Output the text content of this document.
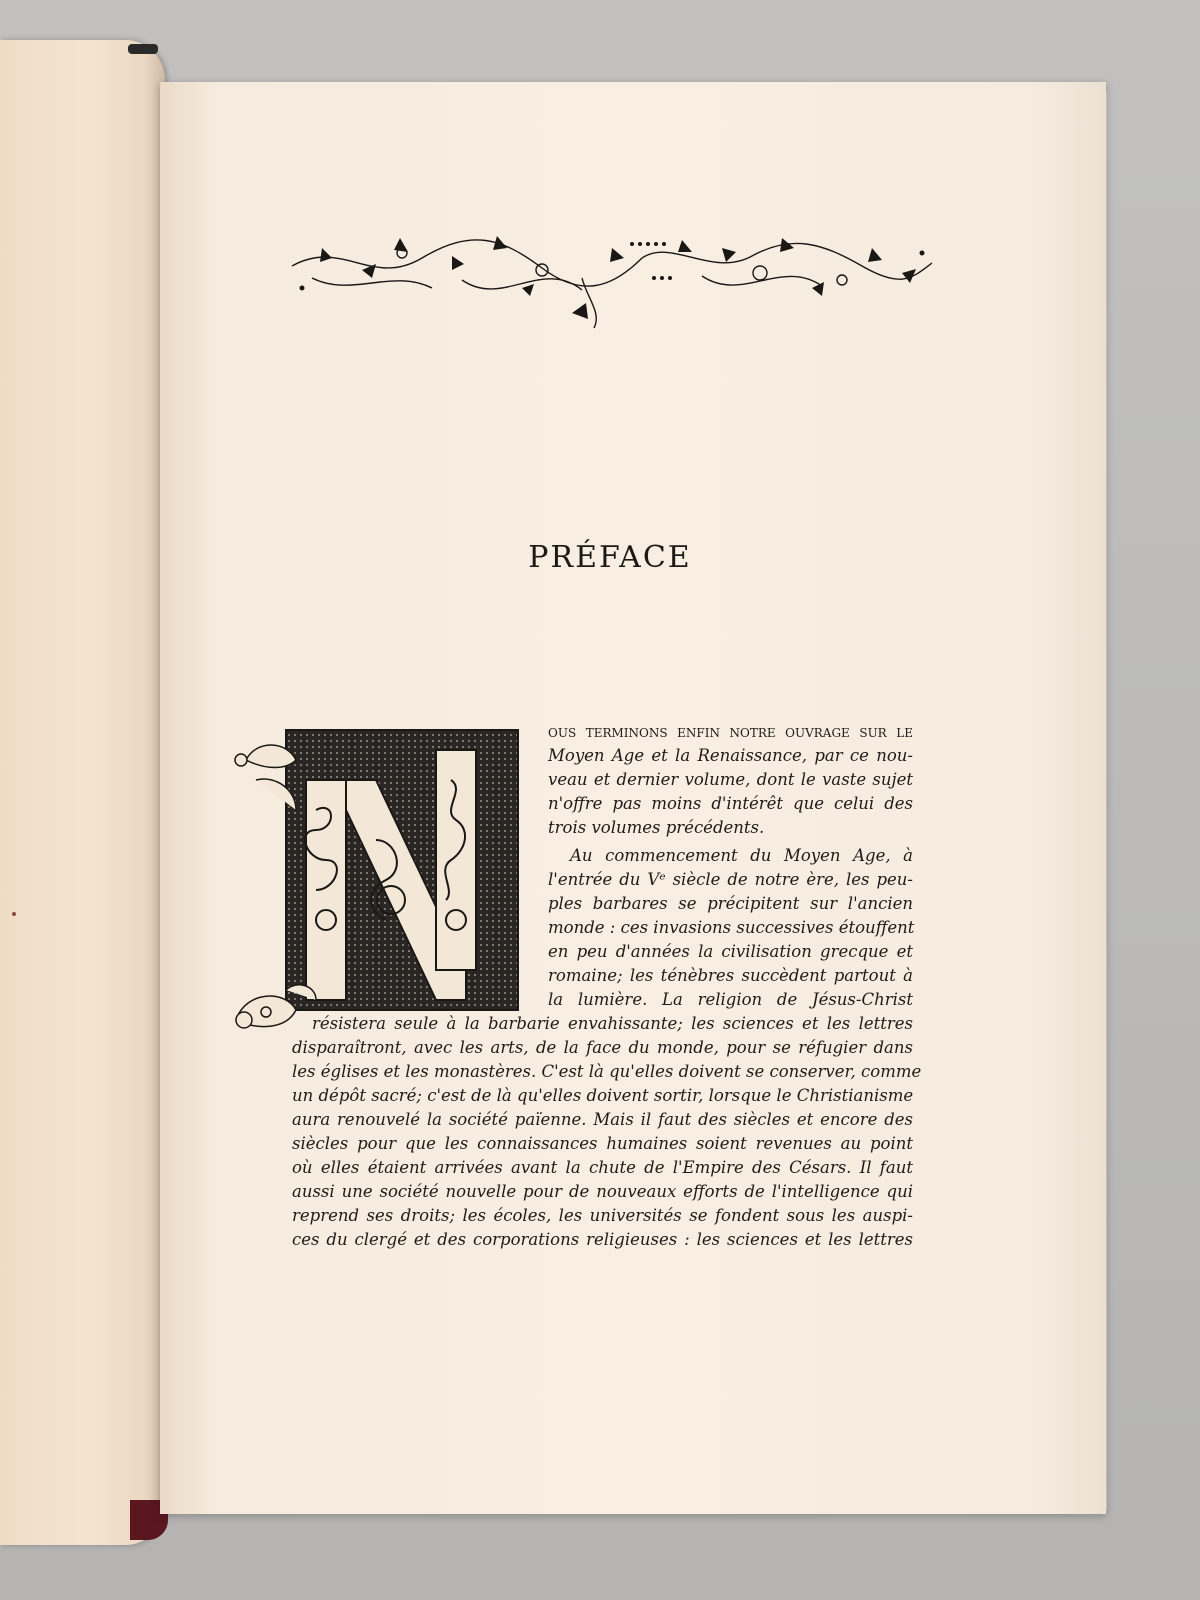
PRÉFACE
ous terminons enfin notre ouvrage sur le
Moyen Age et la Renaissance, par ce nou-
veau et dernier volume, dont le vaste sujet
n'offre pas moins d'intérêt que celui des
trois volumes précédents.
Au commencement du Moyen Age, à
l'entrée du Vᵉ siècle de notre ère, les peu-
ples barbares se précipitent sur l'ancien
monde : ces invasions successives étouffent
en peu d'années la civilisation grecque et
romaine; les ténèbres succèdent partout à
la lumière. La religion de Jésus-Christ
résistera seule à la barbarie envahissante; les sciences et les lettres
disparaîtront, avec les arts, de la face du monde, pour se réfugier dans
les églises et les monastères. C'est là qu'elles doivent se conserver, comme
un dépôt sacré; c'est de là qu'elles doivent sortir, lorsque le Christianisme
aura renouvelé la société païenne. Mais il faut des siècles et encore des
siècles pour que les connaissances humaines soient revenues au point
où elles étaient arrivées avant la chute de l'Empire des Césars. Il faut
aussi une société nouvelle pour de nouveaux efforts de l'intelligence qui
reprend ses droits; les écoles, les universités se fondent sous les auspi-
ces du clergé et des corporations religieuses : les sciences et les lettres
